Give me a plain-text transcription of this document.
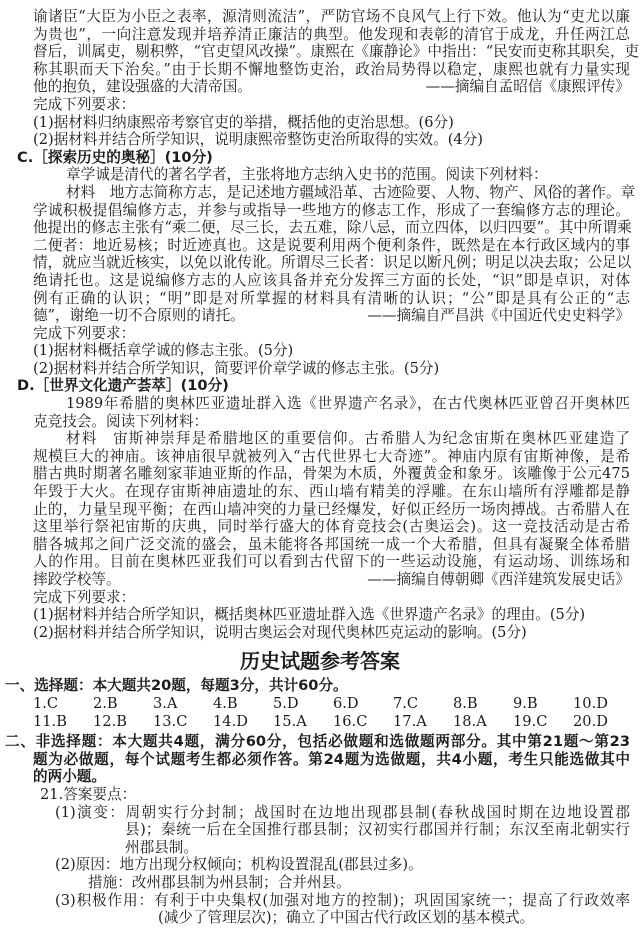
谕诸臣“大臣为小臣之表率，源清则流洁”，严防官场不良风气上行下效。他认为“吏尤以廉
为贵也”，一向注意发现并培养清正廉洁的典型。他发现和表彰的清官于成龙，升任两江总
督后，训属吏，剔积弊，“官吏望风改操”。康熙在《廉静论》中指出：“民安而吏称其职矣，吏
称其职而天下治矣。”由于长期不懈地整饬吏治，政治局势得以稳定，康熙也就有力量实现
他的抱负，建设强盛的大清帝国。	——摘编自孟昭信《康熙评传》
完成下列要求：
(1)据材料归纳康熙帝考察官吏的举措，概括他的吏治思想。(6分)
(2)据材料并结合所学知识，说明康熙帝整饬吏治所取得的实效。(4分)
C.［探索历史的奥秘］(10分)
章学诚是清代的著名学者，主张将地方志纳入史书的范围。阅读下列材料：
材料　地方志简称方志，是记述地方疆域沿革、古迹险要、人物、物产、风俗的著作。章
学诚积极提倡编修方志，并参与或指导一些地方的修志工作，形成了一套编修方志的理论。
他提出的修志主张有“乘二便，尽三长，去五难，除八忌，而立四体，以归四要”。其中所谓乘
二便者：地近易核；时近迹真也。这是说要利用两个便利条件，既然是在本行政区域内的事
情，就应当就近核实，以免以讹传讹。所谓尽三长者：识足以断凡例；明足以决去取；公足以
绝请托也。这是说编修方志的人应该具备并充分发挥三方面的长处，“识”即是卓识，对体
例有正确的认识；“明”即是对所掌握的材料具有清晰的认识；“公”即是具有公正的“志
德”，谢绝一切不合原则的请托。	——摘编自严昌洪《中国近代史史料学》
完成下列要求：
(1)据材料概括章学诚的修志主张。(5分)
(2)据材料并结合所学知识，简要评价章学诚的修志主张。(5分)
D.［世界文化遗产荟萃］(10分)
1989年希腊的奥林匹亚遗址群入选《世界遗产名录》，在古代奥林匹亚曾召开奥林匹
克竞技会。阅读下列材料：
材料　宙斯神崇拜是希腊地区的重要信仰。古希腊人为纪念宙斯在奥林匹亚建造了
规模巨大的神庙。该神庙很早就被列入“古代世界七大奇迹”。神庙内原有宙斯神像，是希
腊古典时期著名雕刻家菲迪亚斯的作品，骨架为木质，外覆黄金和象牙。该雕像于公元475
年毁于大火。在现存宙斯神庙遗址的东、西山墙有精美的浮雕。在东山墙所有浮雕都是静
止的，力量呈现平衡；在西山墙冲突的力量已经爆发，好似正经历一场肉搏战。古希腊人在
这里举行祭祀宙斯的庆典，同时举行盛大的体育竞技会(古奥运会)。这一竞技活动是古希
腊各城邦之间广泛交流的盛会，虽未能将各邦国统一成一个大希腊，但具有凝聚全体希腊
人的作用。目前在奥林匹亚我们可以看到古代留下的一些运动设施，有运动场、训练场和
摔跤学校等。	——摘编自傅朝卿《西洋建筑发展史话》
完成下列要求：
(1)据材料并结合所学知识，概括奥林匹亚遗址群入选《世界遗产名录》的理由。(5分)
(2)据材料并结合所学知识，说明古奥运会对现代奥林匹克运动的影响。(5分)
历史试题参考答案
一、选择题：本大题共20题，每题3分，共计60分。
1.C	2.B	3.A	4.B	5.D	6.D	7.C	8.B	9.B	10.D
11.B	12.B	13.C	14.D	15.A	16.C	17.A	18.A	19.C	20.D
二、非选择题：本大题共4题，满分60分，包括必做题和选做题两部分。其中第21题～第23
题为必做题，每个试题考生都必须作答。第24题为选做题，共4小题，考生只能选做其中
的两小题。
21.答案要点：
(1)演变：周朝实行分封制；战国时在边地出现郡县制(春秋战国时期在边地设置郡
县)；秦统一后在全国推行郡县制；汉初实行郡国并行制；东汉至南北朝实行
州郡县制。
(2)原因：地方出现分权倾向；机构设置混乱(郡县过多)。
措施：改州郡县制为州县制；合并州县。
(3)积极作用：有利于中央集权(加强对地方的控制)；巩固国家统一；提高了行政效率
(减少了管理层次)；确立了中国古代行政区划的基本模式。
